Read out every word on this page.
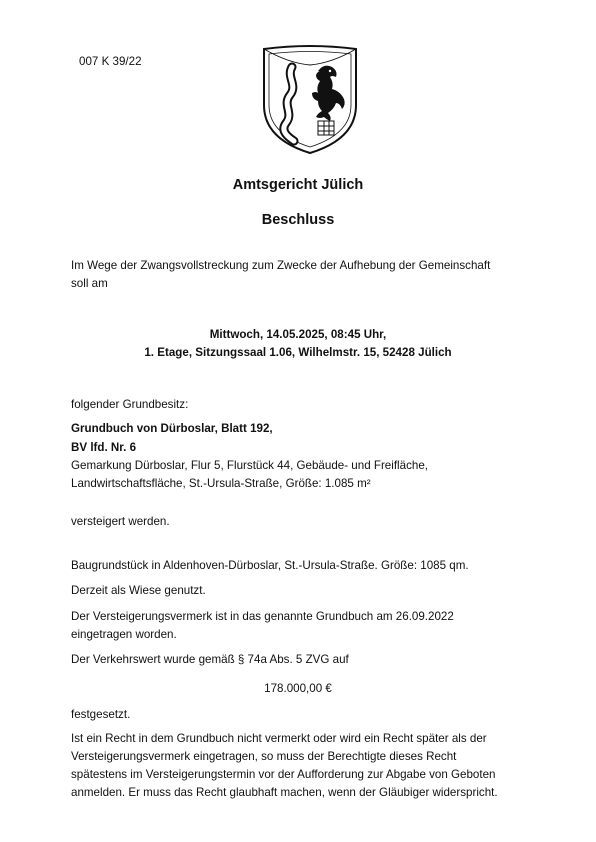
007 K 39/22
Amtsgericht Jülich
Beschluss
Im Wege der Zwangsvollstreckung zum Zwecke der Aufhebung der Gemeinschaft
soll am
Mittwoch, 14.05.2025, 08:45 Uhr,
1. Etage, Sitzungssaal 1.06, Wilhelmstr. 15, 52428 Jülich
folgender Grundbesitz:
Grundbuch von Dürboslar, Blatt 192,
BV lfd. Nr. 6
Gemarkung Dürboslar, Flur 5, Flurstück 44, Gebäude- und Freifläche,
Landwirtschaftsfläche, St.-Ursula-Straße, Größe: 1.085 m²
versteigert werden.
Baugrundstück in Aldenhoven-Dürboslar, St.-Ursula-Straße. Größe: 1085 qm.
Derzeit als Wiese genutzt.
Der Versteigerungsvermerk ist in das genannte Grundbuch am 26.09.2022
eingetragen worden.
Der Verkehrswert wurde gemäß § 74a Abs. 5 ZVG auf
178.000,00 €
festgesetzt.
Ist ein Recht in dem Grundbuch nicht vermerkt oder wird ein Recht später als der
Versteigerungsvermerk eingetragen, so muss der Berechtigte dieses Recht
spätestens im Versteigerungstermin vor der Aufforderung zur Abgabe von Geboten
anmelden. Er muss das Recht glaubhaft machen, wenn der Gläubiger widerspricht.
